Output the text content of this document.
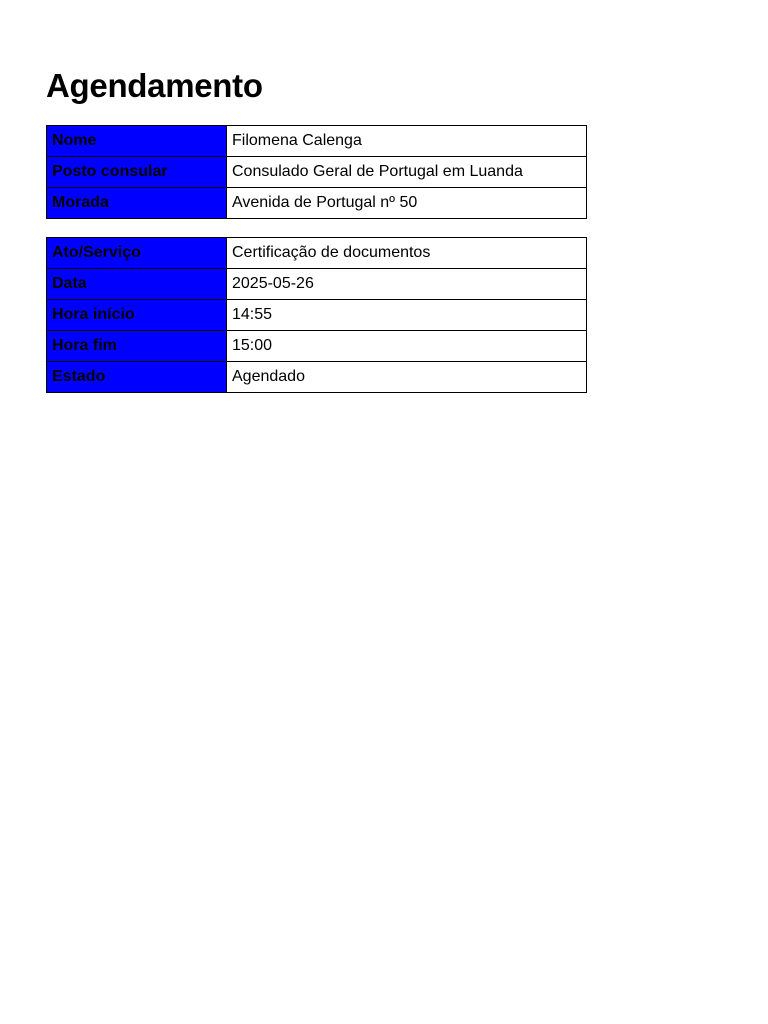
Agendamento
Nome	Filomena Calenga
Posto consular	Consulado Geral de Portugal em Luanda
Morada	Avenida de Portugal nº 50
Ato/Serviço	Certificação de documentos
Data	2025-05-26
Hora início	14:55
Hora fim	15:00
Estado	Agendado
